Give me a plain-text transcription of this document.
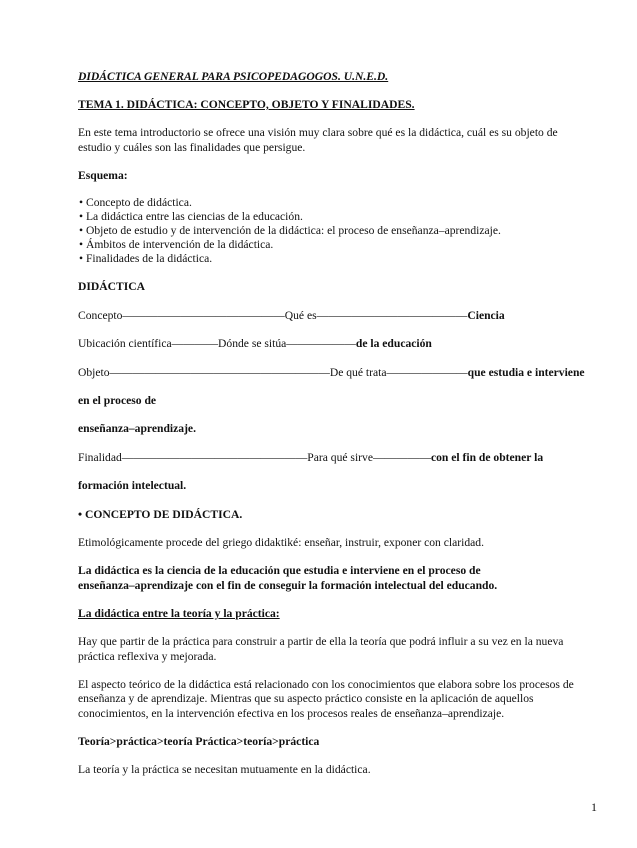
DIDÁCTICA GENERAL PARA PSICOPEDAGOGOS. U.N.E.D.
TEMA 1. DIDÁCTICA: CONCEPTO, OBJETO Y FINALIDADES.
En este tema introductorio se ofrece una visión muy clara sobre qué es la didáctica, cuál es su objeto de
estudio y cuáles son las finalidades que persigue.
Esquema:
• Concepto de didáctica.
• La didáctica entre las ciencias de la educación.
• Objeto de estudio y de intervención de la didáctica: el proceso de enseñanza–aprendizaje.
• Ámbitos de intervención de la didáctica.
• Finalidades de la didáctica.
DIDÁCTICA
Concepto——————————————Qué es—————————————Ciencia
Ubicación científica————Dónde se sitúa——————de la educación
Objeto———————————————————De qué trata———————que estudia e interviene
en el proceso de
enseñanza–aprendizaje.
Finalidad————————————————Para qué sirve—————con el fin de obtener la
formación intelectual.
• CONCEPTO DE DIDÁCTICA.
Etimológicamente procede del griego didaktiké: enseñar, instruir, exponer con claridad.
La didáctica es la ciencia de la educación que estudia e interviene en el proceso de
enseñanza–aprendizaje con el fin de conseguir la formación intelectual del educando.
La didáctica entre la teoría y la práctica:
Hay que partir de la práctica para construir a partir de ella la teoría que podrá influir a su vez en la nueva
práctica reflexiva y mejorada.
El aspecto teórico de la didáctica está relacionado con los conocimientos que elabora sobre los procesos de
enseñanza y de aprendizaje. Mientras que su aspecto práctico consiste en la aplicación de aquellos
conocimientos, en la intervención efectiva en los procesos reales de enseñanza–aprendizaje.
Teoría>práctica>teoría Práctica>teoría>práctica
La teoría y la práctica se necesitan mutuamente en la didáctica.
1
